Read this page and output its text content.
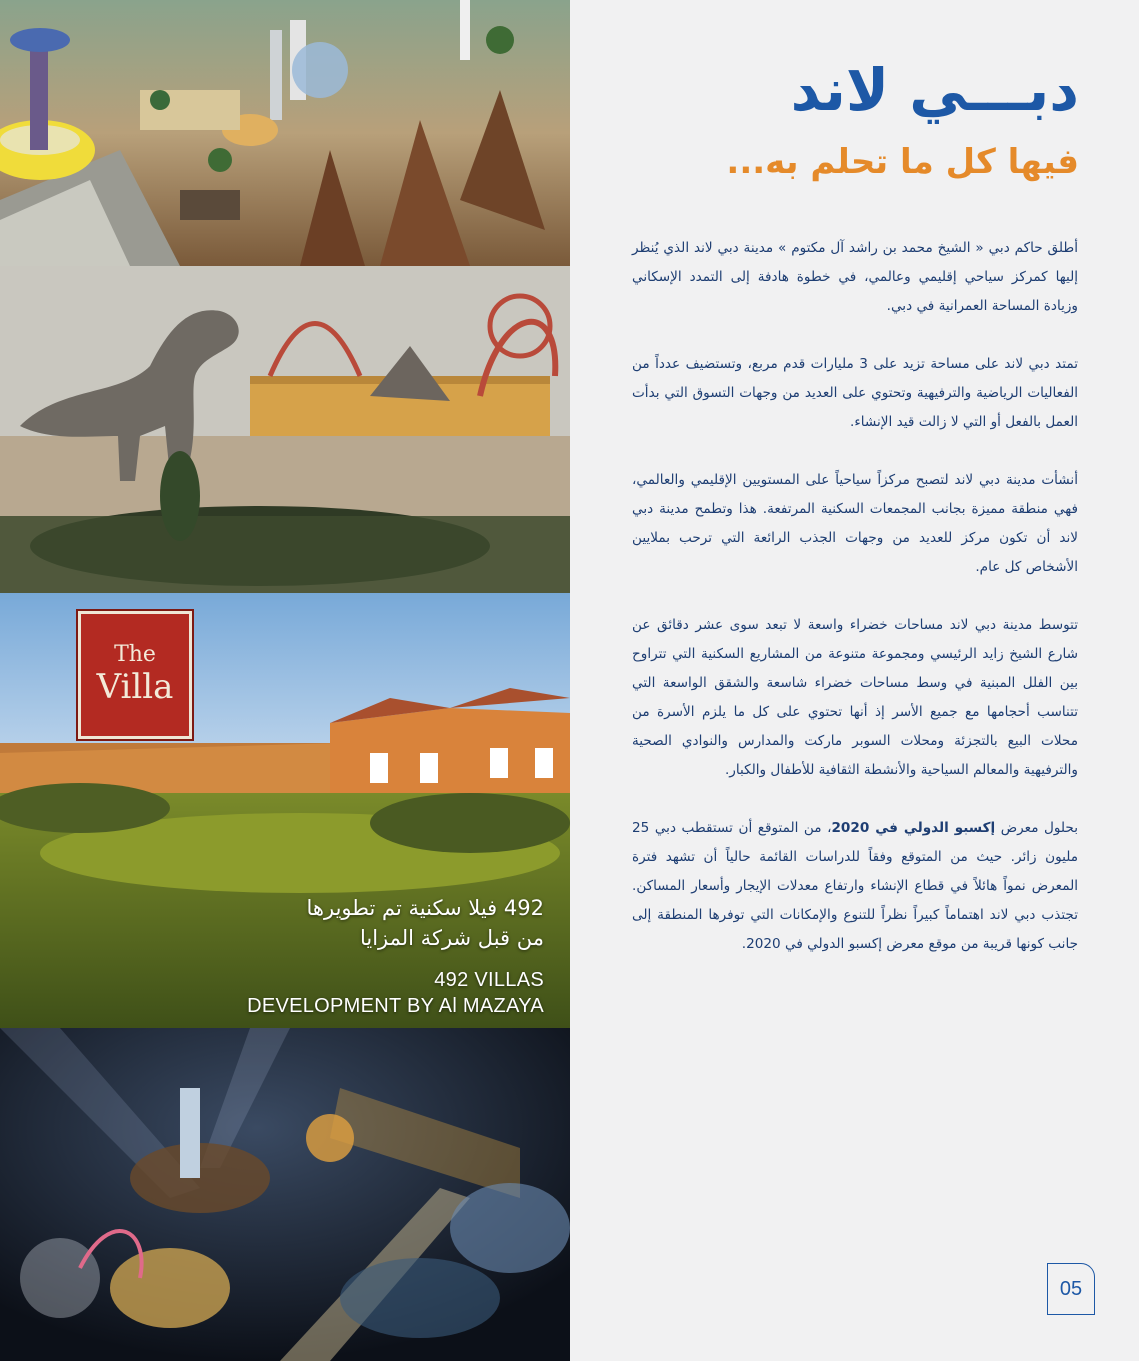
The
Villa

492 فيلا سكنية تم تطويرها

من قبل شركة المزايا

492 VILLAS

DEVELOPMENT BY Al MAZAYA

دبـــي لاند
فيها كل ما تحلم به...

أطلق حاكم دبي « الشيخ محمد بن راشد آل مكتوم » مدينة دبي لاند الذي يُنظر إليها كمركز سياحي إقليمي وعالمي، في خطوة هادفة إلى التمدد الإسكاني وزيادة المساحة العمرانية في دبي.

تمتد دبي لاند على مساحة تزيد على 3 مليارات قدم مربع، وتستضيف عدداً من الفعاليات الرياضية والترفيهية وتحتوي على العديد من وجهات التسوق التي بدأت العمل بالفعل أو التي لا زالت قيد الإنشاء.

أنشأت مدينة دبي لاند لتصبح مركزاً سياحياً على المستويين الإقليمي والعالمي، فهي منطقة مميزة بجانب المجمعات السكنية المرتفعة. هذا وتطمح مدينة دبي لاند أن تكون مركز للعديد من وجهات الجذب الرائعة التي ترحب بملايين الأشخاص كل عام.

تتوسط مدينة دبي لاند مساحات خضراء واسعة لا تبعد سوى عشر دقائق عن شارع الشيخ زايد الرئيسي ومجموعة متنوعة من المشاريع السكنية التي تتراوح بين الفلل المبنية في وسط مساحات خضراء شاسعة والشقق الواسعة التي تتناسب أحجامها مع جميع الأسر إذ أنها تحتوي على كل ما يلزم الأسرة من محلات البيع بالتجزئة ومحلات السوبر ماركت والمدارس والنوادي الصحية والترفيهية والمعالم السياحية والأنشطة الثقافية للأطفال والكبار.

بحلول معرض إكسبو الدولي في 2020، من المتوقع أن تستقطب دبي 25 مليون زائر. حيث من المتوقع وفقاً للدراسات القائمة حالياً أن تشهد فترة المعرض نمواً هائلاً في قطاع الإنشاء وارتفاع معدلات الإيجار وأسعار المساكن. تجتذب دبي لاند اهتماماً كبيراً نظراً للتنوع والإمكانات التي توفرها المنطقة إلى جانب كونها قريبة من موقع معرض إكسبو الدولي في 2020.

05
